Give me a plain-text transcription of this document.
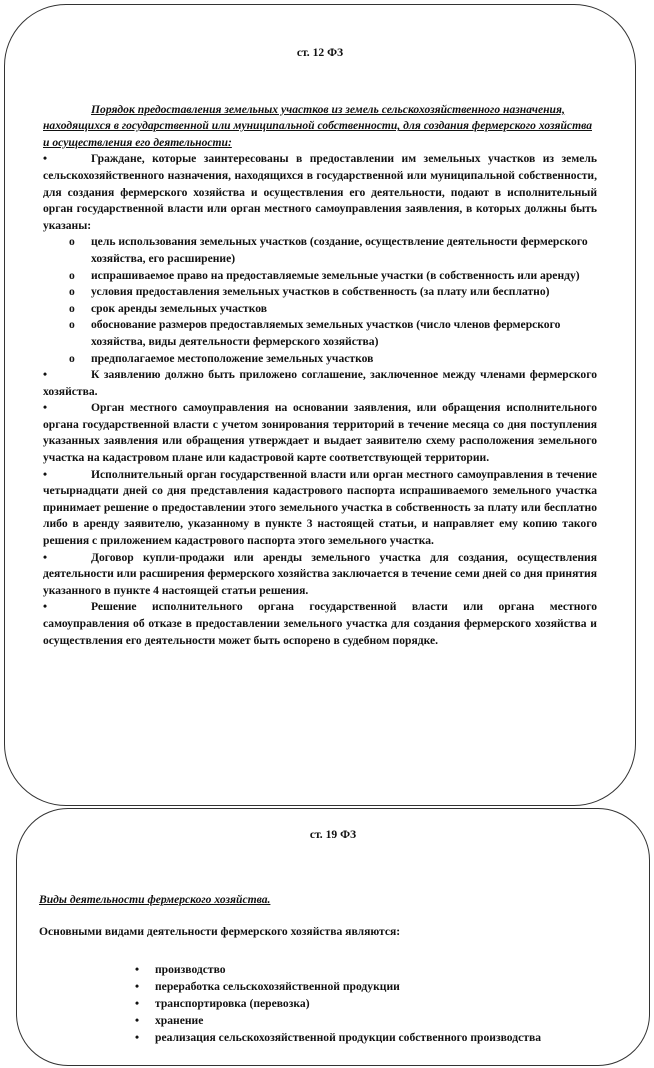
ст. 12 ФЗ

Порядок предоставления земельных участков из земель сельскохозяйственного назначения, находящихся в государственной или муниципальной собственности, для создания фермерского хозяйства и осуществления его деятельности:

•	Граждане, которые заинтересованы в предоставлении им земельных участков из земель сельскохозяйственного назначения, находящихся в государственной или муниципальной собственности, для создания фермерского хозяйства и осуществления его деятельности, подают в исполнительный орган государственной власти или орган местного самоуправления заявления, в которых должны быть указаны:

o цель использования земельных участков (создание, осуществление деятельности фермерского хозяйства, его расширение)
o испрашиваемое право на предоставляемые земельные участки (в собственность или аренду)
o условия предоставления земельных участков в собственность (за плату или бесплатно)
o срок аренды земельных участков
o обоснование размеров предоставляемых земельных участков (число членов фермерского хозяйства, виды деятельности фермерского хозяйства)
o предполагаемое местоположение земельных участков

•	К заявлению должно быть приложено соглашение, заключенное между членами фермерского хозяйства.

•	Орган местного самоуправления на основании заявления, или обращения исполнительного органа государственной власти с учетом зонирования территорий в течение месяца со дня поступления указанных заявления или обращения утверждает и выдает заявителю схему расположения земельного участка на кадастровом плане или кадастровой карте соответствующей территории.

•	Исполнительный орган государственной власти или орган местного самоуправления в течение четырнадцати дней со дня представления кадастрового паспорта испрашиваемого земельного участка принимает решение о предоставлении этого земельного участка в собственность за плату или бесплатно либо в аренду заявителю, указанному в пункте 3 настоящей статьи, и направляет ему копию такого решения с приложением кадастрового паспорта этого земельного участка.

•	Договор купли-продажи или аренды земельного участка для создания, осуществления деятельности или расширения фермерского хозяйства заключается в течение семи дней со дня принятия указанного в пункте 4 настоящей статьи решения.

•	Решение исполнительного органа государственной власти или органа местного самоуправления об отказе в предоставлении земельного участка для создания фермерского хозяйства и осуществления его деятельности может быть оспорено в судебном порядке.

ст. 19 ФЗ

Виды деятельности фермерского хозяйства.

Основными видами деятельности фермерского хозяйства являются:

• производство
• переработка сельскохозяйственной продукции
• транспортировка (перевозка)
• хранение
• реализация сельскохозяйственной продукции собственного производства
